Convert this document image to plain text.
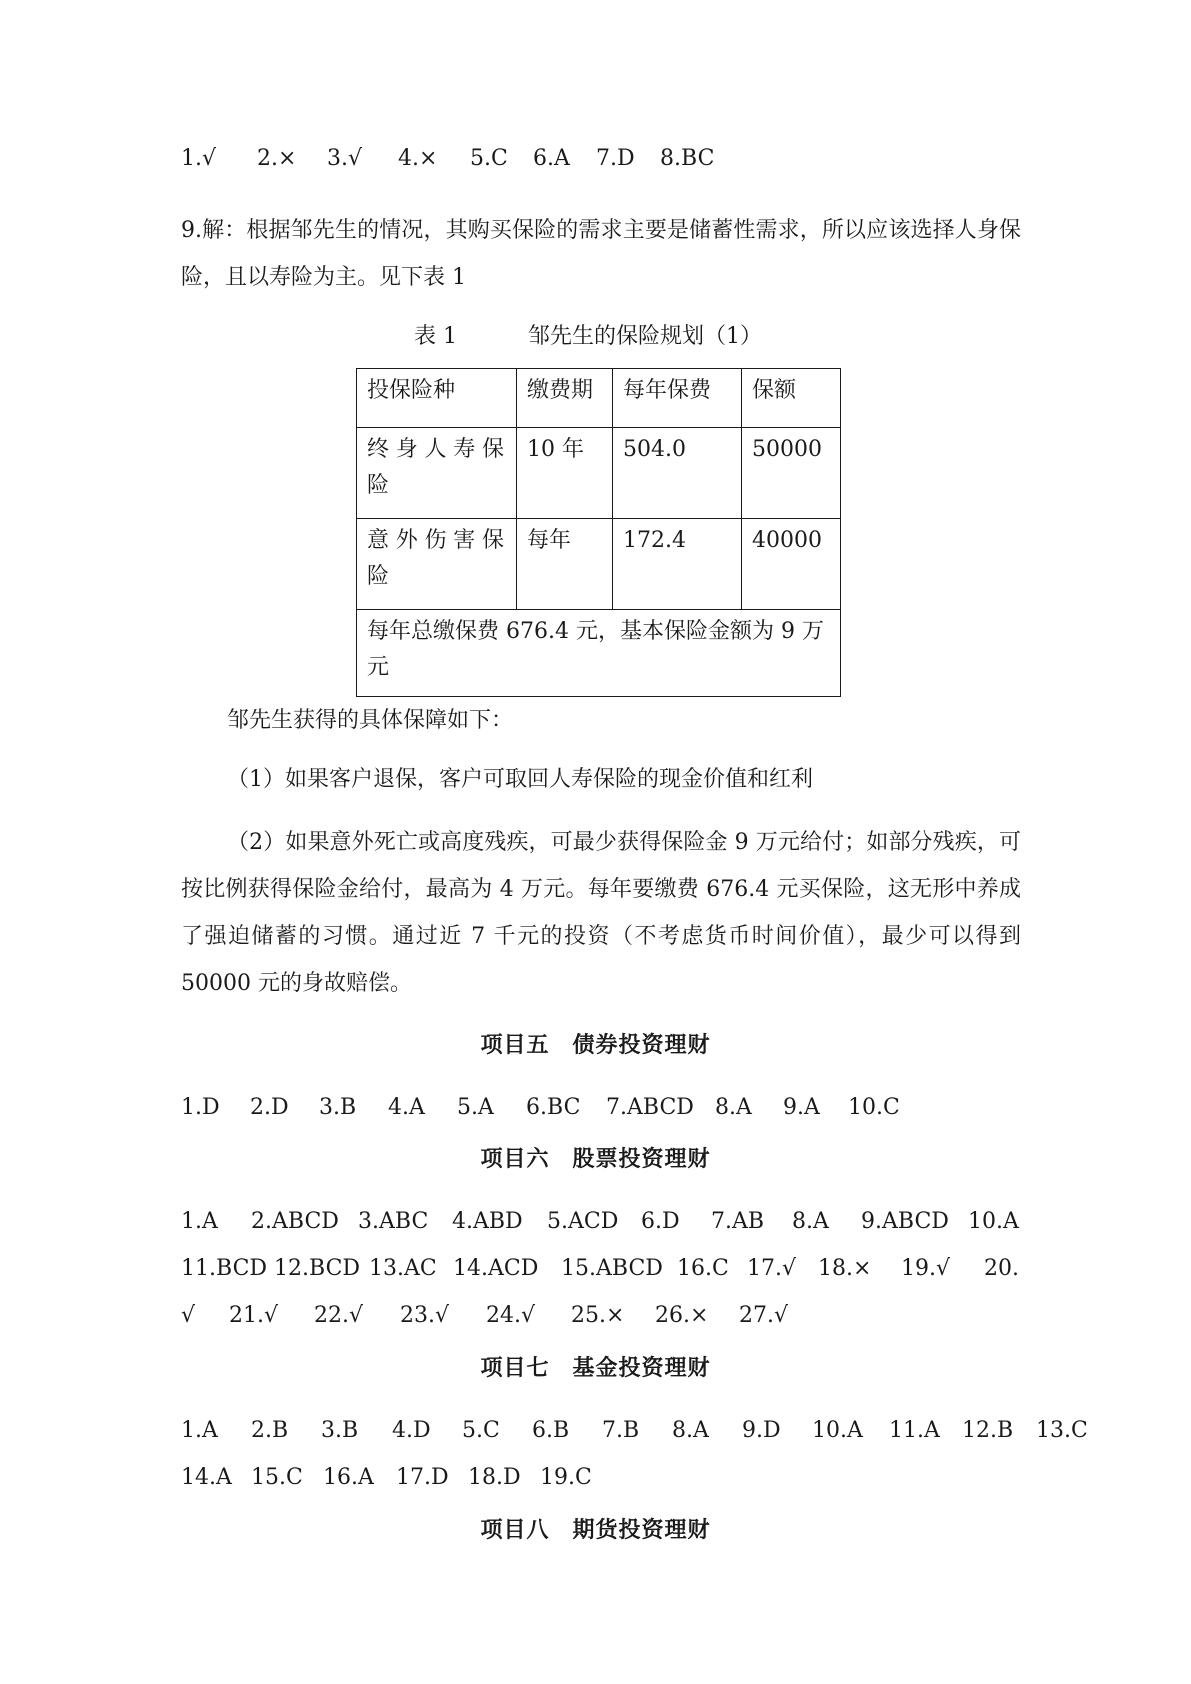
1.√ 2.× 3.√ 4.× 5.C 6.A 7.D 8.BC
9.解：根据邹先生的情况，其购买保险的需求主要是储蓄性需求，所以应该选择人身保险，且以寿险为主。见下表 1
表 1	邹先生的保险规划（1）
投保险种	缴费期	每年保费	保额
终身人寿保险	10 年	504.0	50000
意外伤害保险	每年	172.4	40000
每年总缴保费 676.4 元，基本保险金额为 9 万元			
邹先生获得的具体保障如下：
（1）如果客户退保，客户可取回人寿保险的现金价值和红利
（2）如果意外死亡或高度残疾，可最少获得保险金 9 万元给付；如部分残疾，可按比例获得保险金给付，最高为 4 万元。每年要缴费 676.4 元买保险，这无形中养成了强迫储蓄的习惯。通过近 7 千元的投资（不考虑货币时间价值），最少可以得到 50000 元的身故赔偿。
项目五　债券投资理财
1.D 2.D 3.B 4.A 5.A 6.BC 7.ABCD 8.A 9.A 10.C
项目六　股票投资理财
1.A 2.ABCD 3.ABC 4.ABD 5.ACD 6.D 7.AB 8.A 9.ABCD 10.A
11.BCD 12.BCD 13.AC 14.ACD 15.ABCD 16.C 17.√ 18.× 19.√ 20.
√ 21.√ 22.√ 23.√ 24.√ 25.× 26.× 27.√
项目七　基金投资理财
1.A 2.B 3.B 4.D 5.C 6.B 7.B 8.A 9.D 10.A 11.A 12.B 13.C
14.A 15.C 16.A 17.D 18.D 19.C
项目八　期货投资理财
